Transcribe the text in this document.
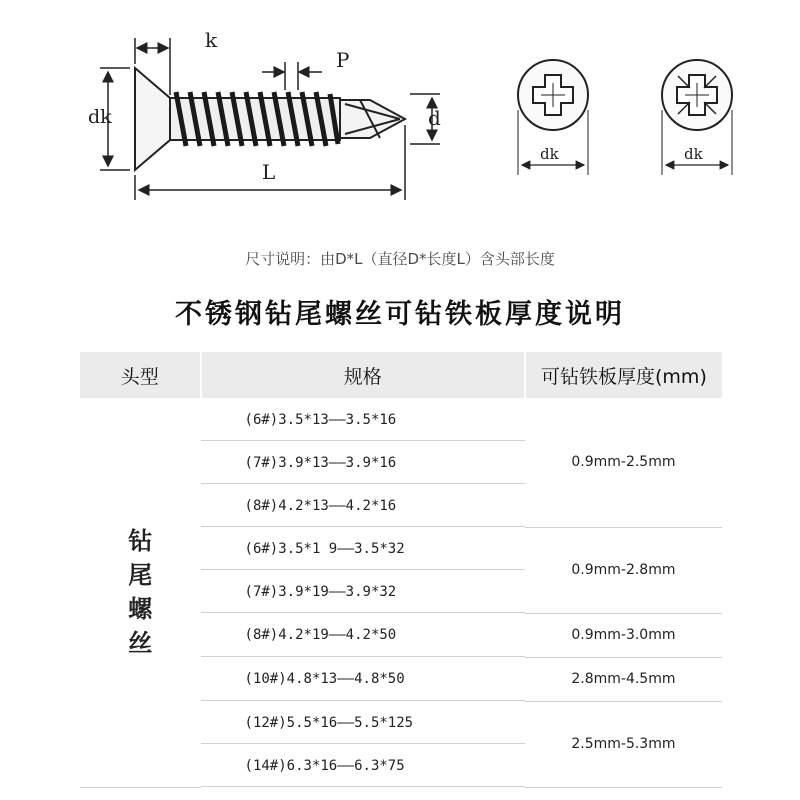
k
P
dk	d
L
dk	dk
尺寸说明：由D*L（直径D*长度L）含头部长度
不锈钢钻尾螺丝可钻铁板厚度说明
头型	规格	可钻铁板厚度(mm)
钻尾螺丝	(6#)3.5*13——3.5*16	0.9mm-2.5mm
	(7#)3.9*13——3.9*16	
	(8#)4.2*13——4.2*16	
	(6#)3.5*1 9——3.5*32	0.9mm-2.8mm
	(7#)3.9*19——3.9*32	
	(8#)4.2*19——4.2*50	0.9mm-3.0mm
	(10#)4.8*13——4.8*50	2.8mm-4.5mm
	(12#)5.5*16——5.5*125	2.5mm-5.3mm
	(14#)6.3*16——6.3*75	
